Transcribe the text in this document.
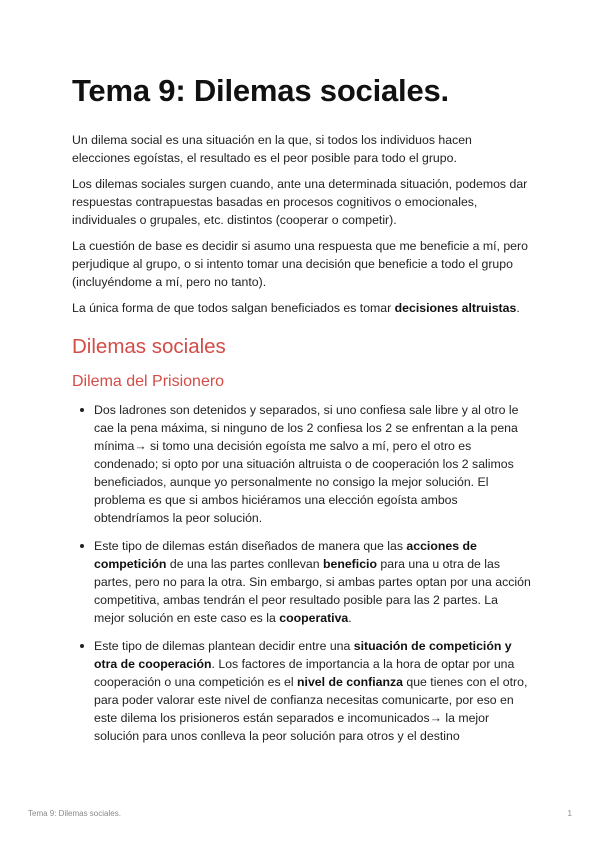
Tema 9: Dilemas sociales.

Un dilema social es una situación en la que, si todos los individuos hacen elecciones egoístas, el resultado es el peor posible para todo el grupo.

Los dilemas sociales surgen cuando, ante una determinada situación, podemos dar respuestas contrapuestas basadas en procesos cognitivos o emocionales, individuales o grupales, etc. distintos (cooperar o competir).

La cuestión de base es decidir si asumo una respuesta que me beneficie a mí, pero perjudique al grupo, o si intento tomar una decisión que beneficie a todo el grupo (incluyéndome a mí, pero no tanto).

La única forma de que todos salgan beneficiados es tomar decisiones altruistas.

Dilemas sociales
Dilema del Prisionero
Dos ladrones son detenidos y separados, si uno confiesa sale libre y al otro le cae la pena máxima, si ninguno de los 2 confiesa los 2 se enfrentan a la pena mínima→ si tomo una decisión egoísta me salvo a mí, pero el otro es condenado; si opto por una situación altruista o de cooperación los 2 salimos beneficiados, aunque yo personalmente no consigo la mejor solución. El problema es que si ambos hiciéramos una elección egoísta ambos obtendríamos la peor solución.
Este tipo de dilemas están diseñados de manera que las acciones de competición de una las partes conllevan beneficio para una u otra de las partes, pero no para la otra. Sin embargo, si ambas partes optan por una acción competitiva, ambas tendrán el peor resultado posible para las 2 partes. La mejor solución en este caso es la cooperativa.
Este tipo de dilemas plantean decidir entre una situación de competición y otra de cooperación. Los factores de importancia a la hora de optar por una cooperación o una competición es el nivel de confianza que tienes con el otro, para poder valorar este nivel de confianza necesitas comunicarte, por eso en este dilema los prisioneros están separados e incomunicados→ la mejor solución para unos conlleva la peor solución para otros y el destino
Tema 9: Dilemas sociales.	1
